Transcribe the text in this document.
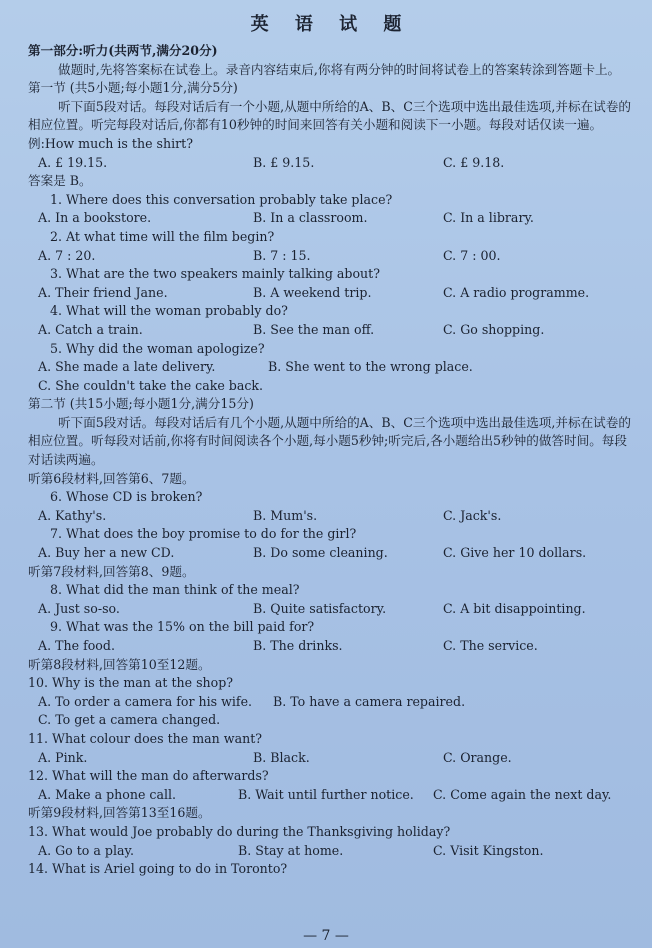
英 语 试 题
第一部分:听力(共两节,满分20分)
做题时,先将答案标在试卷上。录音内容结束后,你将有两分钟的时间将试卷上的答案转涂到答题卡上。
第一节 (共5小题;每小题1分,满分5分)
听下面5段对话。每段对话后有一个小题,从题中所给的A、B、C三个选项中选出最佳选项,并标在试卷的相应位置。听完每段对话后,你都有10秒钟的时间来回答有关小题和阅读下一小题。每段对话仅读一遍。
例:How much is the shirt?
A. £ 19.15.	B. £ 9.15.	C. £ 9.18.
答案是 B。
1. Where does this conversation probably take place?
A. In a bookstore.	B. In a classroom.	C. In a library.
2. At what time will the film begin?
A. 7 : 20.	B. 7 : 15.	C. 7 : 00.
3. What are the two speakers mainly talking about?
A. Their friend Jane.	B. A weekend trip.	C. A radio programme.
4. What will the woman probably do?
A. Catch a train.	B. See the man off.	C. Go shopping.
5. Why did the woman apologize?
A. She made a late delivery.	B. She went to the wrong place.
C. She couldn't take the cake back.
第二节 (共15小题;每小题1分,满分15分)
听下面5段对话。每段对话后有几个小题,从题中所给的A、B、C三个选项中选出最佳选项,并标在试卷的相应位置。听每段对话前,你将有时间阅读各个小题,每小题5秒钟;听完后,各小题给出5秒钟的做答时间。每段对话读两遍。
听第6段材料,回答第6、7题。
6. Whose CD is broken?
A. Kathy's.	B. Mum's.	C. Jack's.
7. What does the boy promise to do for the girl?
A. Buy her a new CD.	B. Do some cleaning.	C. Give her 10 dollars.
听第7段材料,回答第8、9题。
8. What did the man think of the meal?
A. Just so-so.	B. Quite satisfactory.	C. A bit disappointing.
9. What was the 15% on the bill paid for?
A. The food.	B. The drinks.	C. The service.
听第8段材料,回答第10至12题。
10. Why is the man at the shop?
A. To order a camera for his wife.	B. To have a camera repaired.
C. To get a camera changed.
11. What colour does the man want?
A. Pink.	B. Black.	C. Orange.
12. What will the man do afterwards?
A. Make a phone call.	B. Wait until further notice.	C. Come again the next day.
听第9段材料,回答第13至16题。
13. What would Joe probably do during the Thanksgiving holiday?
A. Go to a play.	B. Stay at home.	C. Visit Kingston.
14. What is Ariel going to do in Toronto?
— 7 —
